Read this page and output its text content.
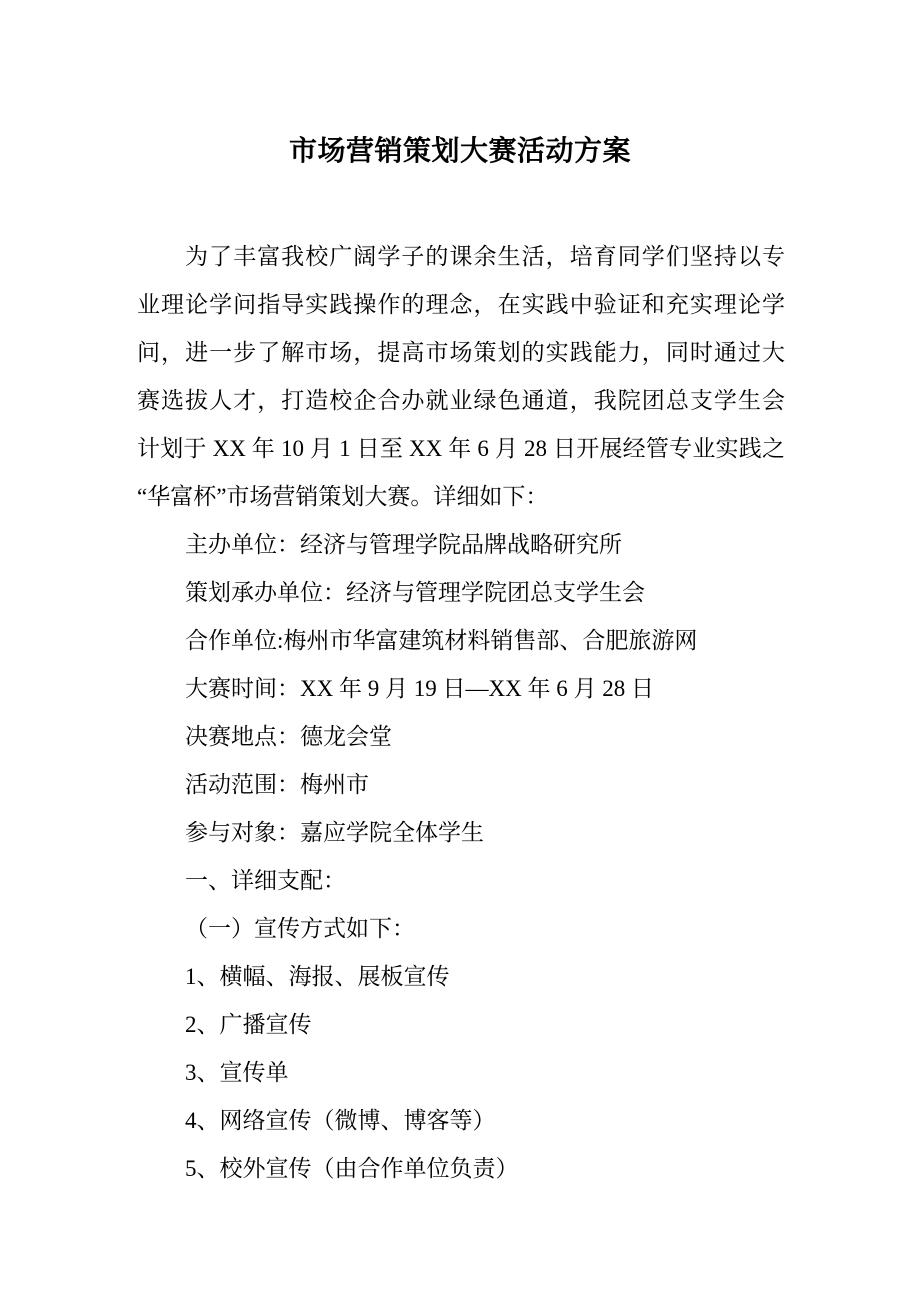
市场营销策划大赛活动方案
为了丰富我校广阔学子的课余生活，培育同学们坚持以专
业理论学问指导实践操作的理念，在实践中验证和充实理论学
问，进一步了解市场，提高市场策划的实践能力，同时通过大
赛选拔人才，打造校企合办就业绿色通道，我院团总支学生会
计划于 XX 年 10 月 1 日至 XX 年 6 月 28 日开展经管专业实践之
“华富杯”市场营销策划大赛。详细如下：
主办单位：经济与管理学院品牌战略研究所
策划承办单位：经济与管理学院团总支学生会
合作单位:梅州市华富建筑材料销售部、合肥旅游网
大赛时间：XX 年 9 月 19 日—XX 年 6 月 28 日
决赛地点：德龙会堂
活动范围：梅州市
参与对象：嘉应学院全体学生
一、详细支配：
（一）宣传方式如下：
1、横幅、海报、展板宣传
2、广播宣传
3、宣传单
4、网络宣传（微博、博客等）
5、校外宣传（由合作单位负责）
